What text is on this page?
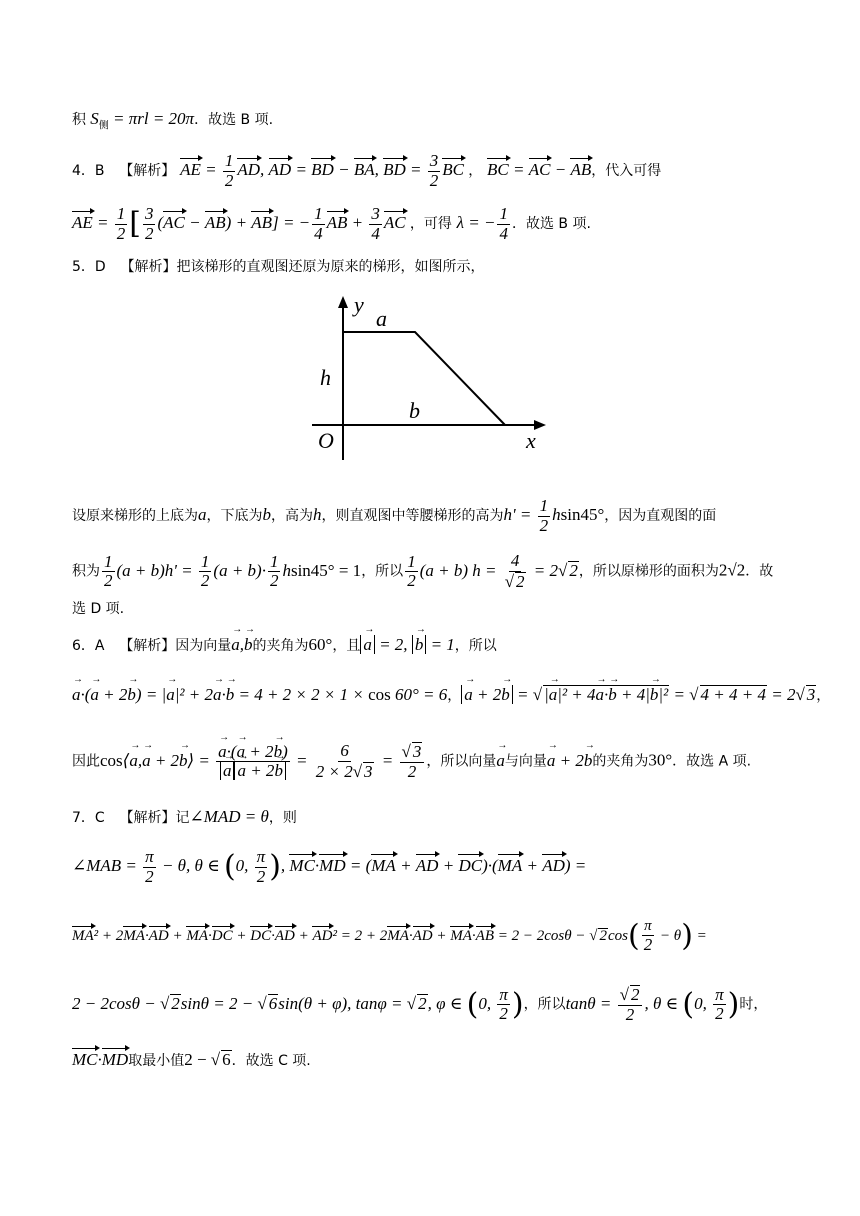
积 $S_侧 = \pi rl = 20\pi$．故选 B 项.
4．B 【解析】 AE = $\frac{1}{2}$ AD, AD = BD − BA, BD = $\frac{3}{2}$ BC ， BC = AC − AB，代入可得
AE = $\frac{1}{2}$ [ $\frac{3}{2} (AC - AB) + AB$] = − $\frac{1}{4}$ AB + $\frac{3}{4}$ AC ，可得 λ = − $\frac{1}{4}$ ．故选 B 项.
5．D 【解析】把该梯形的直观图还原为原来的梯形，如图所示，
y
x
O
a
b
h
设原来梯形的上底为a，下底为b，高为h，则直观图中等腰梯形的高为$h' = \frac{1}{2} hsin45^\circ$，因为直观图的面
积为 $\frac{1}{2} (a + b)h' = \frac{1}{2} (a + b)\cdot \frac{1}{2} hsin45^\circ = 1$，所以 $\frac{1}{2} (a + b) h = \frac{4}{√ 2} = 2√$ 2，所以原梯形的面积为2√2．故
选 D 项.
6．A 【解析】因为向量→ a,→ b的夹角为60°，且 → a = 2, → b = 1，所以
→ a·(→ a + 2→ b) = |→ a|² + 2→ a·→ b = 4 + 2 × 2 × 1 × cos 60° = 6， → a + 2→ b = √ |→ a|² + 4→ a·→ b + 4|→ b|² = √ 4 + 4 + 4 = 2√ 3，
因此cos⟨→ a,→ a + 2→ b⟩ = → a·(→ a + 2→ b)
→ $a \to a + 2\to b = \frac{6}{2 \times 2√ 3} = \frac{√ 3}{2}$ ，所以向量→ a与向量→ a + 2→ b的夹角为30°．故选 A 项.
7．C 【解析】记∠MAD = θ，则
∠MAB = $\frac{\pi}{2} - \theta$, θ ∈ (0, $\frac{\pi}{2}$ ), MC·MD = (MA + AD + DC)·(MA + AD) =
MA² + 2MA·AD + MA·DC + DC·AD + AD² = 2 + 2MA·AD + MA·AB = 2 − 2cosθ − √ $2\cos( \frac{\pi}{2} - \theta)$ =
2 − 2cosθ − √ 2sinθ = 2 − √ 6sin(θ + φ), tanφ = √ 2, φ ∈ (0, $\frac{\pi}{2}$ )，所以$\tan\theta = \frac{√ 2}{2}$ , θ ∈ (0, $\frac{\pi}{2}$ )时，
MC·MD取最小值2 − √ 6．故选 C 项.
